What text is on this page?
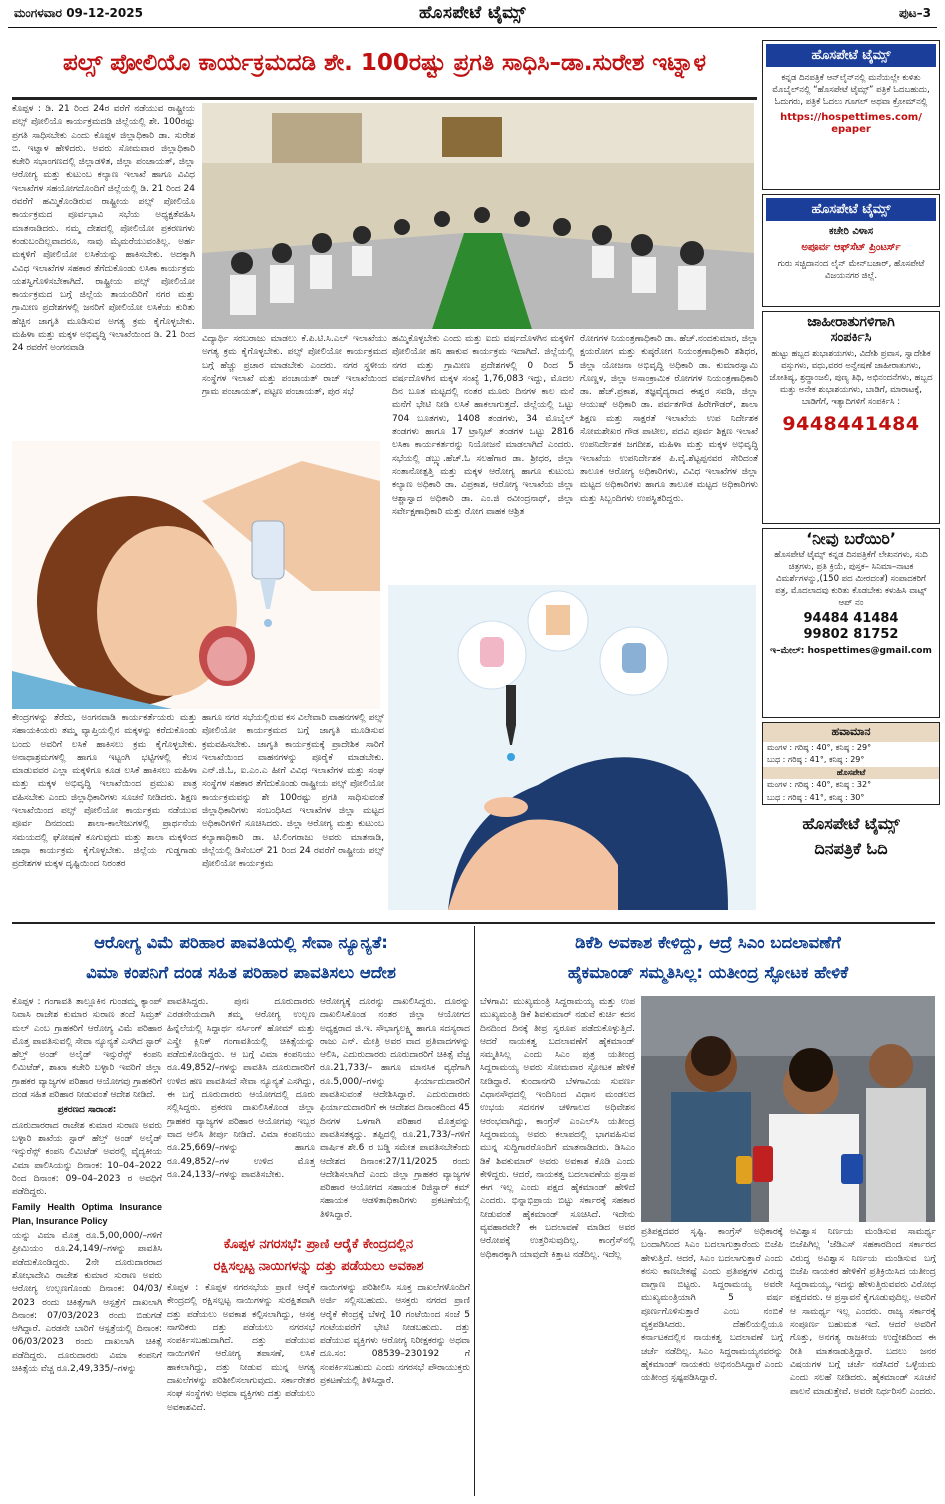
ಮಂಗಳವಾರ 09-12-2025	ಹೊಸಪೇಟೆ ಟೈಮ್ಸ್	ಪುಟ–3
ಪಲ್ಸ್ ಪೋಲಿಯೊ ಕಾರ್ಯಕ್ರಮದಡಿ ಶೇ. 100ರಷ್ಟು ಪ್ರಗತಿ ಸಾಧಿಸಿ–ಡಾ.ಸುರೇಶ ಇಟ್ನಾಳ
ಕೊಪ್ಪಳ : ಡಿ. 21 ರಿಂದ 24ರ ವರೆಗೆ ನಡೆಯುವ ರಾಷ್ಟ್ರೀಯ ಪಲ್ಸ್ ಪೋಲಿಯೊ ಕಾರ್ಯಕ್ರಮದಡಿ ಜಿಲ್ಲೆಯಲ್ಲಿ ಶೇ. 100ರಷ್ಟು ಪ್ರಗತಿ ಸಾಧಿಸಬೇಕು ಎಂದು ಕೊಪ್ಪಳ ಜಿಲ್ಲಾಧಿಕಾರಿ ಡಾ. ಸುರೇಶ ಬಿ. ಇಟ್ನಾಳ ಹೇಳಿದರು. ಅವರು ಸೋಮವಾರ ಜಿಲ್ಲಾಧಿಕಾರಿ ಕಚೇರಿ ಸಭಾಂಗಣದಲ್ಲಿ ಜಿಲ್ಲಾಡಳಿತ, ಜಿಲ್ಲಾ ಪಂಚಾಯತ್, ಜಿಲ್ಲಾ ಆರೋಗ್ಯ ಮತ್ತು ಕುಟುಂಬ ಕಲ್ಯಾಣ ಇಲಾಖೆ ಹಾಗೂ ವಿವಿಧ ಇಲಾಖೆಗಳ ಸಹಯೋಗದೊಂದಿಗೆ ಜಿಲ್ಲೆಯಲ್ಲಿ ಡಿ. 21 ರಿಂದ 24 ರವರೆಗೆ ಹಮ್ಮಿಕೊಂಡಿರುವ ರಾಷ್ಟ್ರೀಯ ಪಲ್ಸ್ ಪೋಲಿಯೊ ಕಾರ್ಯಕ್ರಮದ ಪೂರ್ವಭಾವಿ ಸಭೆಯ ಅಧ್ಯಕ್ಷತೆವಹಿಸಿ ಮಾತನಾಡಿದರು. ನಮ್ಮ ದೇಶದಲ್ಲಿ ಪೋಲಿಯೋ ಪ್ರಕರಣಗಳು ಕಂಡುಬಂದಿಲ್ಲವಾದರೂ, ನಾವು ಮೈಮರೆಯುವಂತಿಲ್ಲ. ಅರ್ಹ ಮಕ್ಕಳಿಗೆ ಪೋಲಿಯೋ ಲಸಿಕೆಯನ್ನು ಹಾಕಿಸಬೇಕು. ಅದಕ್ಕಾಗಿ ವಿವಿಧ ಇಲಾಖೆಗಳ ಸಹಕಾರ ತೆಗೆದುಕೊಂಡು ಲಸಿಕಾ ಕಾರ್ಯಕ್ರಮ ಯಶಸ್ವಿಗೊಳಿಸಬೇಕಾಗಿದೆ. ರಾಷ್ಟ್ರೀಯ ಪಲ್ಸ್ ಪೋಲಿಯೋ ಕಾರ್ಯಕ್ರಮದ ಬಗ್ಗೆ ಜಿಲ್ಲೆಯ ತಾಯಂದಿರಿಗೆ ನಗರ ಮತ್ತು ಗ್ರಾಮೀಣ ಪ್ರದೇಶಗಳಲ್ಲಿ ಜನರಿಗೆ ಪೋಲಿಯೋ ಲಸಿಕೆಯ ಕುರಿತು ಹೆಚ್ಚಿನ ಜಾಗೃತಿ ಮೂಡಿಸುವ ಅಗತ್ಯ ಕ್ರಮ ಕೈಗೊಳ್ಳಬೇಕು. ಮಹಿಳಾ ಮತ್ತು ಮಕ್ಕಳ ಅಭಿವೃದ್ಧಿ ಇಲಾಖೆಯಿಂದ ಡಿ. 21 ರಿಂದ 24 ರವರೆಗೆ ಅಂಗನವಾಡಿ
ವಿದ್ಯಾರ್ಥಿ ಸರಬರಾಜು ಮಾಡಲು ಕೆ.ಪಿ.ಟಿ.ಸಿ.ಎಲ್ ಇಲಾಖೆಯು ಅಗತ್ಯ ಕ್ರಮ ಕೈಗೊಳ್ಳಬೇಕು. ಪಲ್ಸ್ ಪೋಲಿಯೋ ಕಾರ್ಯಕ್ರಮದ ಬಗ್ಗೆ ಹೆಚ್ಚು ಪ್ರಚಾರ ಮಾಡಬೇಕು ಎಂದರು. ನಗರ ಸ್ಥಳೀಯ ಸಂಸ್ಥೆಗಳ ಇಲಾಖೆ ಮತ್ತು ಪಂಚಾಯತ್ ರಾಜ್ ಇಲಾಖೆಯಿಂದ ಗ್ರಾಮ ಪಂಚಾಯತ್, ಪಟ್ಟಣ ಪಂಚಾಯತ್, ಪುರ ಸಭೆ
ಹಮ್ಮಿಕೊಳ್ಳಬೇಕು ಎಂದು ಮತ್ತು ಐದು ವರ್ಷದೊಳಗಿನ ಮಕ್ಕಳಿಗೆ ಪೋಲಿಯೋ ಹನಿ ಹಾಕುವ ಕಾರ್ಯಕ್ರಮ ಇದಾಗಿದೆ. ಜಿಲ್ಲೆಯಲ್ಲಿ ನಗರ ಮತ್ತು ಗ್ರಾಮೀಣ ಪ್ರದೇಶಗಳಲ್ಲಿ 0 ರಿಂದ 5 ವರ್ಷದೊಳಗಿನ ಮಕ್ಕಳ ಸಂಖ್ಯೆ 1,76,083 ಇದ್ದು, ಮೊದಲ ದಿನ ಬೂತ ಮಟ್ಟದಲ್ಲಿ ನಂತರ ಮೂರು ದಿನಗಳ ಕಾಲ ಮನೆ ಮನೆಗೆ ಭೇಟಿ ನೀಡಿ ಲಸಿಕೆ ಹಾಕಲಾಗುತ್ತದೆ. ಜಿಲ್ಲೆಯಲ್ಲಿ ಒಟ್ಟು 704 ಬೂತಗಳು, 1408 ತಂಡಗಳು, 34 ಮೊಬೈಲ್ ತಂಡಗಳು ಹಾಗೂ 17 ಟ್ರಾನ್ಸಿಟ್ ತಂಡಗಳ ಒಟ್ಟು 2816 ಲಸಿಕಾ ಕಾರ್ಯಕರ್ತರನ್ನು ನಿಯೋಜನೆ ಮಾಡಲಾಗಿದೆ ಎಂದರು. ಸಭೆಯಲ್ಲಿ ಡಬ್ಲ್ಯು.ಹೆಚ್.ಓ ಸಲಹೆಗಾರ ಡಾ. ಶ್ರೀಧರ, ಜಿಲ್ಲಾ ಸಂತಾನೋತ್ಪತ್ತಿ ಮತ್ತು ಮಕ್ಕಳ ಆರೋಗ್ಯ ಹಾಗೂ ಕುಟುಂಬ ಕಲ್ಯಾಣ ಅಧಿಕಾರಿ ಡಾ. ವಿಪ್ರಕಾಶ, ಆರೋಗ್ಯ ಇಲಾಖೆಯ ಜಿಲ್ಲಾ ಆಶ್ಚಾಸ್ವಾದ ಅಧಿಕಾರಿ ಡಾ. ಎಂ.ಜಿ ರವೀಂದ್ರನಾಥ್, ಜಿಲ್ಲಾ ಸರ್ವೇಕ್ಷಣಾಧಿಕಾರಿ ಮತ್ತು ರೋಗ ವಾಹಕ ಆಶ್ರಿತ
ರೋಗಗಳ ನಿಯಂತ್ರಣಾಧಿಕಾರಿ ಡಾ. ಹೆಚ್.ನಂದಕುಮಾರ, ಜಿಲ್ಲಾ ಕ್ಷಯರೋಗ ಮತ್ತು ಕುಷ್ಠರೋಗ ನಿಯಂತ್ರಣಾಧಿಕಾರಿ ಶಶಿಧರ, ಜಿಲ್ಲಾ ಯೋಜನಾ ಅಭಿವೃದ್ಧಿ ಅಧಿಕಾರಿ ಡಾ. ಕುಮಾರಸ್ವಾಮಿ ಗೊಣ್ಣಳ, ಜಿಲ್ಲಾ ಅಸಾಂಕ್ರಾಮಿಕ ರೋಗಗಳ ನಿಯಂತ್ರಣಾಧಿಕಾರಿ ಡಾ. ಹೆಚ್.ಪ್ರಕಾಶ, ತಜ್ಞವೈದ್ಯರಾದ ಈಶ್ವರ ಸವಡಿ, ಜಿಲ್ಲಾ ಆಯುಷ್ ಅಧಿಕಾರಿ ಡಾ. ಪರ್ವತಗೌಡ ಹಿರೇಗೌಡರ್, ಶಾಲಾ ಶಿಕ್ಷಣ ಮತ್ತು ಸಾಕ್ಷರತೆ ಇಲಾಖೆಯ ಉಪ ನಿರ್ದೇಶಕ ಸೋಮಶೇಖರ ಗೌಡ ಪಾಟೀಲ, ಪದವಿ ಪೂರ್ವ ಶಿಕ್ಷಣ ಇಲಾಖೆ ಉಪನಿರ್ದೇಶಕ ಜಗದೀಶ, ಮಹಿಳಾ ಮತ್ತು ಮಕ್ಕಳ ಅಭಿವೃದ್ಧಿ ಇಲಾಖೆಯ ಉಪನಿರ್ದೇಶಕ ಪಿ.ವೈ.ಶೆಟ್ಟಪ್ಪನವರ ಸೇರಿದಂತೆ ತಾಲೂಕ ಆರೋಗ್ಯ ಅಧಿಕಾರಿಗಳು, ವಿವಿಧ ಇಲಾಖೆಗಳ ಜಿಲ್ಲಾ ಮಟ್ಟದ ಅಧಿಕಾರಿಗಳು ಹಾಗೂ ತಾಲೂಕ ಮಟ್ಟದ ಅಧಿಕಾರಿಗಳು ಮತ್ತು ಸಿಬ್ಬಂದಿಗಳು ಉಪಸ್ಥಿತರಿದ್ದರು.
ಕೇಂದ್ರಗಳನ್ನು ತೆರೆದು, ಅಂಗನವಾಡಿ ಕಾರ್ಯಕರ್ತೆಯರು ಮತ್ತು ಸಹಾಯಕಿಯರು ತಮ್ಮ ವ್ಯಾಪ್ತಿಯಲ್ಲಿನ ಮಕ್ಕಳನ್ನು ಕರೆದುಕೊಂಡು ಬಂದು ಅವರಿಗೆ ಲಸಿಕೆ ಹಾಕಿಸಲು ಕ್ರಮ ಕೈಗೊಳ್ಳಬೇಕು. ಅನಾಥಾಶ್ರಮಗಳಲ್ಲಿ ಹಾಗೂ ಇಟ್ಟಂಗಿ ಭಟ್ಟಿಗಳಲ್ಲಿ ಕೆಲಸ ಮಾಡುವವರ ಎಲ್ಲಾ ಮಕ್ಕಳಿಗೂ ಕೂಡ ಲಸಿಕೆ ಹಾಕಿಸಲು ಮಹಿಳಾ ಮತ್ತು ಮಕ್ಕಳ ಅಭಿವೃದ್ಧಿ ಇಲಾಖೆಯಿಂದ ಪ್ರಮುಖ ಪಾತ್ರ ವಹಿಸಬೇಕು ಎಂದು ಜಿಲ್ಲಾಧಿಕಾರಿಗಳು ಸೂಚನೆ ನೀಡಿದರು. ಶಿಕ್ಷಣ ಇಲಾಖೆಯಿಂದ ಪಲ್ಸ್ ಪೋಲಿಯೋ ಕಾರ್ಯಕ್ರಮ ನಡೆಯುವ ಪೂರ್ವ ದಿನದಂದು ಶಾಲಾ-ಕಾಲೇಜುಗಳಲ್ಲಿ ಪ್ರಾರ್ಥನೆಯ ಸಮಯದಲ್ಲಿ ಘೋಷಣೆ ಕೂಗುವುದು ಮತ್ತು ಶಾಲಾ ಮಕ್ಕಳಿಂದ ಜಾಥಾ ಕಾರ್ಯಕ್ರಮ ಕೈಗೊಳ್ಳಬೇಕು. ಜಿಲ್ಲೆಯ ಗುಡ್ಡಗಾಡು ಪ್ರದೇಶಗಳ ಮಕ್ಕಳ ದೃಷ್ಟಿಯಿಂದ ನಿರಂತರ
ಹಾಗೂ ನಗರ ಸಭೆಯಲ್ಲಿರುವ ಕಸ ವಿಲೇವಾರಿ ವಾಹನಗಳಲ್ಲಿ ಪಲ್ಸ್ ಪೋಲಿಯೋ ಕಾರ್ಯಕ್ರಮದ ಬಗ್ಗೆ ಜಾಗೃತಿ ಮೂಡಿಸುವ ಕ್ರಮವಹಿಸಬೇಕು. ಜಾಗೃತಿ ಕಾರ್ಯಕ್ರಮಕ್ಕೆ ಪ್ರಾದೇಶಿಕ ಸಾರಿಗೆ ಇಲಾಖೆಯಿಂದ ವಾಹನಗಳನ್ನು ಪೂರೈಕೆ ಮಾಡಬೇಕು. ಎನ್.ಜಿ.ಓ, ಐ.ಎಂ.ಎ ಹೀಗೆ ವಿವಿಧ ಇಲಾಖೆಗಳ ಮತ್ತು ಸಂಘ ಸಂಸ್ಥೆಗಳ ಸಹಕಾರ ತೆಗೆದುಕೊಂಡು ರಾಷ್ಟ್ರೀಯ ಪಲ್ಸ್ ಪೋಲಿಯೋ ಕಾರ್ಯಕ್ರಮವನ್ನು ಶೇ 100ರಷ್ಟು ಪ್ರಗತಿ ಸಾಧಿಸುವಂತೆ ಜಿಲ್ಲಾಧಿಕಾರಿಗಳು ಸಂಬಂಧಿಸಿದ ಇಲಾಖೆಗಳ ಜಿಲ್ಲಾ ಮಟ್ಟದ ಅಧಿಕಾರಿಗಳಿಗೆ ಸೂಚಿಸಿದರು. ಜಿಲ್ಲಾ ಆರೋಗ್ಯ ಮತ್ತು ಕುಟುಂಬ ಕಲ್ಯಾಣಾಧಿಕಾರಿ ಡಾ. ಟಿ.ಲಿಂಗರಾಜು ಅವರು ಮಾತನಾಡಿ, ಜಿಲ್ಲೆಯಲ್ಲಿ ಡಿಸೆಂಬರ್ 21 ರಿಂದ 24 ರವರೆಗೆ ರಾಷ್ಟ್ರೀಯ ಪಲ್ಸ್ ಪೋಲಿಯೋ ಕಾರ್ಯಕ್ರಮ
ಹೊಸಪೇಟೆ ಟೈಮ್ಸ್
ಕನ್ನಡ ದಿನಪತ್ರಿಕೆ ಆನ್‌ಲೈನ್‌ನಲ್ಲಿ ಮನೆಯಲ್ಲೇ ಕುಳಿತು ಮೊಬೈಲ್‌ನಲ್ಲಿ “ಹೊಸಪೇಟೆ ಟೈಮ್ಸ್” ಪತ್ರಿಕೆ ಓದಬಹುದು, ಓದುಗರು, ಪತ್ರಿಕೆ ಓದಲು ಗೂಗಲ್ ಅಥವಾ ಕ್ರೋಮ್‌ನಲ್ಲಿ
https://hospettimes.com/ epaper
ಹೊಸಪೇಟೆ ಟೈಮ್ಸ್
ಕಚೇರಿ ವಿಳಾಸ
ಅಪೂರ್ವ ಆಫ್‌ಸೆಟ್ ಪ್ರಿಂಟರ್ಸ್
ಗುರು ಸಚ್ಚಿದಾನಂದ ಲೈನ್ ಮೇನ್‌ಬಜಾರ್, ಹೊಸಪೇಟೆ ವಿಜಯನಗರ ಜಿಲ್ಲೆ.
ಜಾಹೀರಾತುಗಳಿಗಾಗಿ
ಸಂಪರ್ಕಿಸಿ
ಹುಟ್ಟು ಹಬ್ಬದ ಶುಭಾಶಯಗಳು, ವಿದೇಶಿ ಪ್ರವಾಸ, ಸ್ವಾದೇಶಿಕ ವಸ್ತುಗಳು, ವಧು,ವರರ ಅನ್ವೇಷಣೆ ಜಾಹೀರಾತುಗಳು, ಜೋತಿಷ್ಯ, ಶ್ರದ್ಧಾಂಜಲಿ, ಪುಣ್ಯ ತಿಥಿ, ಅಭಿನಂದನೆಗಳು, ಹಬ್ಬದ ಮತ್ತು ಅನೇಕ ಶುಭಾಶಯಗಳು, ಬಾಡಿಗೆ, ಮಾರಾಟಕ್ಕೆ, ಬಾಡಿಗೆಗೆ, ಇತ್ಯಾದಿಗಳಿಗೆ ಸಂಪರ್ಕಿಸಿ :
9448441484
‘ನೀವು ಬರೆಯಿರಿ’
ಹೊಸಪೇಟೆ ಟೈಮ್ಸ್ ಕನ್ನಡ ದಿನಪತ್ರಿಕೆಗೆ ಲೇಖನಗಳು, ಸುದಿ ಚಿತ್ರಗಳು, ಪ್ರತಿ ಕ್ರಿಯೆ, ಪುಸ್ತಕ– ಸಿನಿಮಾ–ನಾಟಕ ವಿಮರ್ಶೆಗಳನ್ನು,(150 ಪದ ಮೀರದಂತೆ) ಸಂಪಾದಕರಿಗೆ ಪತ್ರ, ಮೊದಲಾದವು ಕುರಿತು ಕೊಡಬೇಕು ಕಳುಹಿಸಿ ವಾಟ್ಸ್ ಆಪ್ ನಂ
94484 41484
99802 81752
ಇ–ಮೇಲ್: hospettimes@gmail.com
ಹವಾಮಾನ
ಮಂಗಳ : ಗರಿಷ್ಠ : 40°, ಕನಿಷ್ಠ : 29°
ಬುಧ : ಗರಿಷ್ಠ : 41°, ಕನಿಷ್ಠ : 29°
ಹೊಸಪೇಟೆ
ಮಂಗಳ : ಗರಿಷ್ಠ : 40°, ಕನಿಷ್ಠ : 32°
ಬುಧ : ಗರಿಷ್ಠ : 41°, ಕನಿಷ್ಠ : 30°
ಹೊಸಪೇಟೆ ಟೈಮ್ಸ್
ದಿನಪತ್ರಿಕೆ ಓದಿ
ಆರೋಗ್ಯ ವಿಮೆ ಪರಿಹಾರ ಪಾವತಿಯಲ್ಲಿ ಸೇವಾ ನ್ಯೂನ್ಯತೆ:
ವಿಮಾ ಕಂಪನಿಗೆ ದಂಡ ಸಹಿತ ಪರಿಹಾರ ಪಾವತಿಸಲು ಆದೇಶ

ಕೊಪ್ಪಳ : ಗಂಗಾವತಿ ತಾಲ್ಲೂಕಿನ ಗುಂಡಮ್ಮ ಕ್ಯಾಂಪ್ ನಿವಾಸಿ ರಾಜೇಶ ಕುಮಾರ ಸುರಾಣ ತಂದೆ ಸಿಮ್ರತ್ ಮಲ್ ಎಂಬ ಗ್ರಾಹಕರಿಗೆ ಆರೋಗ್ಯ ವಿಮೆ ಪರಿಹಾರ ಮೊತ್ತ ಪಾವತಿಸುವಲ್ಲಿ ಸೇವಾ ನ್ಯೂನ್ಯತೆ ಎಸಗಿದ ಸ್ಟಾರ್ ಹೆಲ್ತ್ ಅಂಡ್ ಅಲೈಡ್ ಇನ್ಸುರೆನ್ಸ್ ಕಂಪನಿ ಲಿಮಿಟೆಡ್, ಶಾಖಾ ಕಚೇರಿ ಬಳ್ಳಾರಿ ಇವರಿಗೆ ಜಿಲ್ಲಾ ಗ್ರಾಹಕರ ವ್ಯಾಜ್ಯಗಳ ಪರಿಹಾರ ಆಯೋಗವು ಗ್ರಾಹಕರಿಗೆ ದಂಡ ಸಹಿತ ಪರಿಹಾರ ನೀಡುವಂತೆ ಆದೇಶ ನೀಡಿದೆ.

ಪ್ರಕರಣದ ಸಾರಾಂಶ:

ದೂರುದಾರರಾದ ರಾಜೇಶ ಕುಮಾರ ಸುರಾಣ ಅವರು ಬಳ್ಳಾರಿ ಶಾಖೆಯ ಸ್ಟಾರ್ ಹೆಲ್ತ್ ಅಂಡ್ ಅಲೈಡ್ ಇನ್ಸುರೆನ್ಸ್ ಕಂಪನಿ ಲಿಮಿಟೆಡ್ ಅವರಲ್ಲಿ ವೈದ್ಯಕೀಯ ವಿಮಾ ಪಾಲಿಸಿಯನ್ನು ದಿನಾಂಕ: 10–04–2022 ರಿಂದ ದಿನಾಂಕ: 09–04–2023 ರ ಅವಧಿಗೆ ಪಡೆದಿದ್ದರು.

Family Health Optima Insurance Plan, Insurance Policy

ಯನ್ನು ವಿಮಾ ಮೊತ್ತ ರೂ.5,00,000/–ಗಳಿಗೆ ಪ್ರೀಮಿಯಂ ರೂ.24,149/–ಗಳನ್ನು ಪಾವತಿಸಿ ಪಡೆದುಕೊಂಡಿದ್ದರು. 2ನೇ ದೂರುದಾರರಾದ ಶೋಭಾದೇವಿ ರಾಜೇಶ ಕುಮಾರ ಸುರಾಣ ಅವರು ಆರೋಗ್ಯ ಉಲ್ಬಣಗೊಂಡು ದಿನಾಂಕ: 04/03/ 2023 ರಂದು ಚಿಕಿತ್ಸೆಗಾಗಿ ಆಸ್ಪತ್ರೆಗೆ ದಾಖಲಾಗಿ ದಿನಾಂಕ: 07/03/2023 ರಂದು ಬಿಡುಗಡೆ ಆಗಿದ್ದಾರೆ. ಎರಡನೇ ಬಾರಿಗೆ ಆಸ್ಪತ್ರೆಯಲ್ಲಿ ದಿನಾಂಕ: 06/03/2023 ರಂದು ದಾಖಲಾಗಿ ಚಿಕಿತ್ಸೆ ಪಡೆದಿದ್ದರು. ದೂರುದಾರರು ವಿಮಾ ಕಂಪನಿಗೆ ಚಿಕಿತ್ಸೆಯ ವೆಚ್ಚ ರೂ.2,49,335/–ಗಳನ್ನು

ಪಾವತಿಸಿದ್ದರು. ಪುನಃ ದೂರುದಾರರು ಎರಡನೇಯದಾಗಿ ತಮ್ಮ ಆರೋಗ್ಯ ಉಲ್ಬಣ ಹಿನ್ನೆಲೆಯಲ್ಲಿ ಸಿದ್ದಾರ್ಥ ನರ್ಸಿಂಗ್ ಹೋಮ್ ಮತ್ತು ಎಸ್ಕ್ರೇ ಕ್ಲಿನಿಕ್ ಗಂಗಾವತಿಯಲ್ಲಿ ಚಿಕಿತ್ಸೆಯನ್ನು ಪಡೆದುಕೊಂಡಿದ್ದರು. ಆ ಬಗ್ಗೆ ವಿಮಾ ಕಂಪನಿಯು ರೂ.49,852/–ಗಳನ್ನು ಪಾವತಿಸಿ ದೂರುದಾರರಿಗೆ ಉಳಿದ ಹಣ ಪಾವತಿಸದೆ ಸೇವಾ ನ್ಯೂನ್ಯತೆ ಎಸಗಿದ್ದು, ಈ ಬಗ್ಗೆ ದೂರುದಾರರು ಆಯೋಗದಲ್ಲಿ ದೂರು ಸಲ್ಲಿಸಿದ್ದರು. ಪ್ರಕರಣ ದಾಖಲಿಸಿಕೊಂಡ ಜಿಲ್ಲಾ ಗ್ರಾಹಕರ ವ್ಯಾಜ್ಯಗಳ ಪರಿಹಾರ ಆಯೋಗವು ಇಬ್ಬರ ವಾದ ಆಲಿಸಿ ತೀರ್ಪು ನೀಡಿದೆ. ವಿಮಾ ಕಂಪನಿಯು ರೂ.25,669/–ಗಳನ್ನು ಹಾಗೂ ರೂ.49,852/–ಗಳ ಉಳಿದ ಮೊತ್ತ ರೂ.24,133/–ಗಳನ್ನು ಪಾವತಿಸಬೇಕು.
ಆರೋಗ್ಯಕ್ಕೆ ದೂರನ್ನು ದಾಖಲಿಸಿದ್ದರು. ದೂರನ್ನು ದಾಖಲಿಸಿಕೊಂಡ ನಂತರ ಜಿಲ್ಲಾ ಆಯೋಗದ ಅಧ್ಯಕ್ಷರಾದ ಜಿ.ಇ. ಸೌಭಾಗ್ಯಲಕ್ಷ್ಮಿ ಹಾಗೂ ಸದಸ್ಯರಾದ ರಾಜು ಎನ್. ಮೇತ್ರಿ ಅವರ ವಾದ ಪ್ರತಿವಾದಗಳನ್ನು ಆಲಿಸಿ, ಎದುರುದಾರರು ದೂರುದಾರರಿಗೆ ಚಿಕಿತ್ಸೆ ವೆಚ್ಚ ರೂ.21,733/– ಹಾಗೂ ಮಾನಸಿಕ ವ್ಯಥೆಗಾಗಿ ರೂ.5,000/–ಗಳನ್ನು ಫಿರ್ಯಾದುದಾರರಿಗೆ ಪಾವತಿಸುವಂತೆ ಆದೇಶಿಸಿದ್ದಾರೆ. ಎದುರುದಾರರು ಫಿರ್ಯಾದುದಾರರಿಗೆ ಈ ಆದೇಶದ ದಿನಾಂಕದಿಂದ 45 ದಿನಗಳ ಒಳಗಾಗಿ ಪರಿಹಾರ ಮೊತ್ತವನ್ನು ಪಾವತಿಸತಕ್ಕದ್ದು. ತಪ್ಪಿದಲ್ಲಿ ರೂ.21,733/–ಗಳಿಗೆ ವಾರ್ಷಿಕ ಶೇ.6 ರ ಬಡ್ಡಿ ಸಮೇತ ಪಾವತಿಸಬೇಕೆಂದು ಆದೇಶದ ದಿನಾಂಕ:27/11/2025 ರಂದು ಆದೇಶಿಸಲಾಗಿದೆ ಎಂದು ಜಿಲ್ಲಾ ಗ್ರಾಹಕರ ವ್ಯಾಜ್ಯಗಳ ಪರಿಹಾರ ಆಯೋಗದ ಸಹಾಯಕ ರಿಜಿಸ್ಟ್ರಾರ್ ಕಮ್ ಸಹಾಯಕ ಆಡಳಿತಾಧಿಕಾರಿಗಳು ಪ್ರಕಟಣೆಯಲ್ಲಿ ತಿಳಿಸಿದ್ದಾರೆ.
ಕೊಪ್ಪಳ ನಗರಸಭೆ: ಪ್ರಾಣಿ ಆರೈಕೆ ಕೇಂದ್ರದಲ್ಲಿನ
ರಕ್ಷಿಸಲ್ಪಟ್ಟ ನಾಯಿಗಳನ್ನು ದತ್ತು ಪಡೆಯಲು ಅವಕಾಶ
ಕೊಪ್ಪಳ : ಕೊಪ್ಪಳ ನಗರಸಭೆಯ ಪ್ರಾಣಿ ಆರೈಕೆ ಕೇಂದ್ರದಲ್ಲಿ ರಕ್ಷಿಸಲ್ಪಟ್ಟ ನಾಯಿಗಳನ್ನು ಸುರಕ್ಷಿತವಾಗಿ ದತ್ತು ಪಡೆಯಲು ಅವಕಾಶ ಕಲ್ಪಿಸಲಾಗಿದ್ದು, ಆಸಕ್ತ ನಾಗರಿಕರು ದತ್ತು ಪಡೆಯಲು ನಗರಸಭೆ ಸಂಪರ್ಕಿಸಬಹುದಾಗಿದೆ. ದತ್ತು ಪಡೆಯುವ ನಾಯಿಗಳಿಗೆ ಆರೋಗ್ಯ ತಪಾಸಣೆ, ಲಸಿಕೆ ಹಾಕಲಾಗಿದ್ದು, ದತ್ತು ನೀಡುವ ಮುನ್ನ ಅಗತ್ಯ ದಾಖಲೆಗಳನ್ನು ಪರಿಶೀಲಿಸಲಾಗುವುದು. ಸರ್ಕಾರೇತರ ಸಂಘ ಸಂಸ್ಥೆಗಳು ಅಥವಾ ವ್ಯಕ್ತಿಗಳು ದತ್ತು ಪಡೆಯಲು ಅವಕಾಶವಿದೆ.
ನಾಯಿಗಳನ್ನು ಪರಿಶೀಲಿಸಿ ಸೂಕ್ತ ದಾಖಲೆಗಳೊಂದಿಗೆ ಅರ್ಜಿ ಸಲ್ಲಿಸಬಹುದು. ಆಸಕ್ತರು ನಗರದ ಪ್ರಾಣಿ ಆರೈಕೆ ಕೇಂದ್ರಕ್ಕೆ ಬೆಳಗ್ಗೆ 10 ಗಂಟೆಯಿಂದ ಸಂಜೆ 5 ಗಂಟೆಯವರೆಗೆ ಭೇಟಿ ನೀಡಬಹುದು. ದತ್ತು ಪಡೆಯುವ ವ್ಯಕ್ತಿಗಳು ಆರೋಗ್ಯ ನಿರೀಕ್ಷಕರನ್ನು ಅಥವಾ ದೂ.ಸಂ: 08539–230192 ಗೆ ಸಂಪರ್ಕಿಸಬಹುದು ಎಂದು ನಗರಸಭೆ ಪೌರಾಯುಕ್ತರು ಪ್ರಕಟಣೆಯಲ್ಲಿ ತಿಳಿಸಿದ್ದಾರೆ.
ಡಿಕೆಶಿ ಅವಕಾಶ ಕೇಳಿದ್ದು, ಆದ್ರೆ ಸಿಎಂ ಬದಲಾವಣೆಗೆ
ಹೈಕಮಾಂಡ್ ಸಮ್ಮತಿಸಿಲ್ಲ: ಯತೀಂದ್ರ ಸ್ಫೋಟಕ ಹೇಳಿಕೆ
ಬೆಳಗಾವಿ: ಮುಖ್ಯಮಂತ್ರಿ ಸಿದ್ದರಾಮಯ್ಯ ಮತ್ತು ಉಪ ಮುಖ್ಯಮಂತ್ರಿ ಡಿಕೆ ಶಿವಕುಮಾರ್ ನಡುವೆ ಕುರ್ಚಿ ಕದನ ದಿನದಿಂದ ದಿನಕ್ಕೆ ತೀವ್ರ ಸ್ವರೂಪ ಪಡೆದುಕೊಳ್ಳುತ್ತಿದೆ. ಆದರೆ ನಾಯಕತ್ವ ಬದಲಾವಣೆಗೆ ಹೈಕಮಾಂಡ್ ಸಮ್ಮತಿಸಿಲ್ಲ ಎಂದು ಸಿಎಂ ಪುತ್ರ ಯತೀಂದ್ರ ಸಿದ್ದರಾಮಯ್ಯ ಅವರು ಸೋಮವಾರ ಸ್ಫೋಟಕ ಹೇಳಿಕೆ ನೀಡಿದ್ದಾರೆ. ಕುಂದಾನಗರಿ ಬೆಳಗಾವಿಯ ಸುವರ್ಣ ವಿಧಾನಸೌಧದಲ್ಲಿ ಇಂದಿನಿಂದ ವಿಧಾನ ಮಂಡಲದ ಉಭಯ ಸದನಗಳ ಚಳಿಗಾಲದ ಅಧಿವೇಶನ ಆರಂಭವಾಗಿದ್ದು, ಕಾಂಗ್ರೆಸ್ ಎಂಎಲ್‌ಸಿ ಯತೀಂದ್ರ ಸಿದ್ದರಾಮಯ್ಯ ಅವರು ಕಲಾಪದಲ್ಲಿ ಭಾಗವಹಿಸುವ ಮುನ್ನ ಸುದ್ದಿಗಾರರೊಂದಿಗೆ ಮಾತನಾಡಿದರು. ಡಿಸಿಎಂ ಡಿಕೆ ಶಿವಕುಮಾರ್ ಅವರು ಅವಕಾಶ ಕೊಡಿ ಎಂದು ಕೇಳಿದ್ದರು. ಆದರೆ, ನಾಯಕತ್ವ ಬದಲಾವಣೆಯ ಪ್ರಸ್ತಾಪ ಈಗ ಇಲ್ಲ ಎಂದು ಪಕ್ಷದ ಹೈಕಮಾಂಡ್ ಹೇಳಿದೆ ಎಂದರು. ಭಿನ್ನಾಭಿಪ್ರಾಯ ಬಿಟ್ಟು ಸರ್ಕಾರಕ್ಕೆ ಸಹಕಾರ ನೀಡುವಂತೆ ಹೈಕಮಾಂಡ್ ಸೂಚಿಸಿದೆ. ಇದೇನು ವ್ಯವಹಾರವೇ? ಈ ಬದಲಾವಣೆ ಮಾಡಿದ ಅವರ ಆರೋಪಕ್ಕೆ ಉತ್ತರಿಸುವುದಿಲ್ಲ. ಕಾಂಗ್ರೆಸ್‌ನಲ್ಲಿ ಅಧಿಕಾರಕ್ಕಾಗಿ ಯಾವುದೇ ಕಿತ್ತಾಟ ನಡೆದಿಲ್ಲ. ಇದೆಲ್ಲ
ಪ್ರತಿಪಕ್ಷದವರ ಸೃಷ್ಟಿ. ಕಾಂಗ್ರೆಸ್ ಅಧಿಕಾರಕ್ಕೆ ಬಂದಾಗಿನಿಂದ ಸಿಎಂ ಬದಲಾಗುತ್ತಾರೆಂದು ಬಿಜೆಪಿ ಹೇಳುತ್ತಿದೆ. ಆದರೆ, ಸಿಎಂ ಬದಲಾಗುತ್ತಾರೆ ಎಂದು ಕನಸು ಕಾಣಬೇಕಷ್ಟೆ ಎಂದು ಪ್ರತಿಪಕ್ಷಗಳ ವಿರುದ್ಧ ವಾಗ್ಬಾಣ ಬಿಟ್ಟರು. ಸಿದ್ದರಾಮಯ್ಯ ಅವರೇ ಮುಖ್ಯಮಂತ್ರಿಯಾಗಿ 5 ವರ್ಷ ಪೂರ್ಣಗೊಳಿಸುತ್ತಾರೆ ಎಂಬ ನಂಬಿಕೆ ವ್ಯಕ್ತಪಡಿಸಿದರು. ದೆಹಲಿಯಲ್ಲಿಯೂ ಕರ್ನಾಟಕದಲ್ಲಿನ ನಾಯಕತ್ವ ಬದಲಾವಣೆ ಬಗ್ಗೆ ಚರ್ಚೆ ನಡೆದಿಲ್ಲ. ಸಿಎಂ ಸಿದ್ದರಾಮಯ್ಯನವರನ್ನು ಹೈಕಮಾಂಡ್ ನಾಯಕರು ಅಭಿನಂದಿಸಿದ್ದಾರೆ ಎಂದು ಯತೀಂದ್ರ ಸ್ಪಷ್ಟಪಡಿಸಿದ್ದಾರೆ.
ಅವಿಶ್ವಾಸ ನಿರ್ಣಯ ಮಂಡಿಸುವ ಸಾಮರ್ಥ್ಯ ಬಿಜೆಪಿಗಿಲ್ಲ 'ಜೆಡಿಎಸ್ ಸಹಕಾರದಿಂದ ಸರ್ಕಾರದ ವಿರುದ್ಧ ಅವಿಶ್ವಾಸ ನಿರ್ಣಯ ಮಂಡಿಸುವ ಬಗ್ಗೆ ಬಿಜೆಪಿ ನಾಯಕರ ಹೇಳಿಕೆಗೆ ಪ್ರತಿಕ್ರಿಯಿಸಿದ ಯತೀಂದ್ರ ಸಿದ್ದರಾಮಯ್ಯ, ಇದನ್ನು ಹೇಳುತ್ತಿರುವವರು ವಿರೋಧ ಪಕ್ಷದವರು. ಆ ಪ್ರಸ್ತಾವನೆ ಕೈಗೂಡುವುದಿಲ್ಲ. ಅವರಿಗೆ ಆ ಸಾಮರ್ಥ್ಯ ಇಲ್ಲ ಎಂದರು. ರಾಜ್ಯ ಸರ್ಕಾರಕ್ಕೆ ಸಂಪೂರ್ಣ ಬಹುಮತ ಇದೆ. ಆದರೆ ಅವರಿಗೆ ಗೊತ್ತು, ಅನಗತ್ಯ ರಾಜಕೀಯ ಉದ್ದೇಶದಿಂದ ಈ ರೀತಿ ಮಾತನಾಡುತ್ತಿದ್ದಾರೆ. ಬದಲು ಜನರ ವಿಷಯಗಳ ಬಗ್ಗೆ ಚರ್ಚೆ ನಡೆಸಿದರೆ ಒಳ್ಳೆಯದು ಎಂದು ಸಲಹೆ ನೀಡಿದರು. ಹೈಕಮಾಂಡ್ ಸೂಚನೆ ಪಾಲನೆ ಮಾಡುತ್ತೇವೆ. ಅವರೇ ನಿರ್ಧರಿಸಲಿ ಎಂದರು.
